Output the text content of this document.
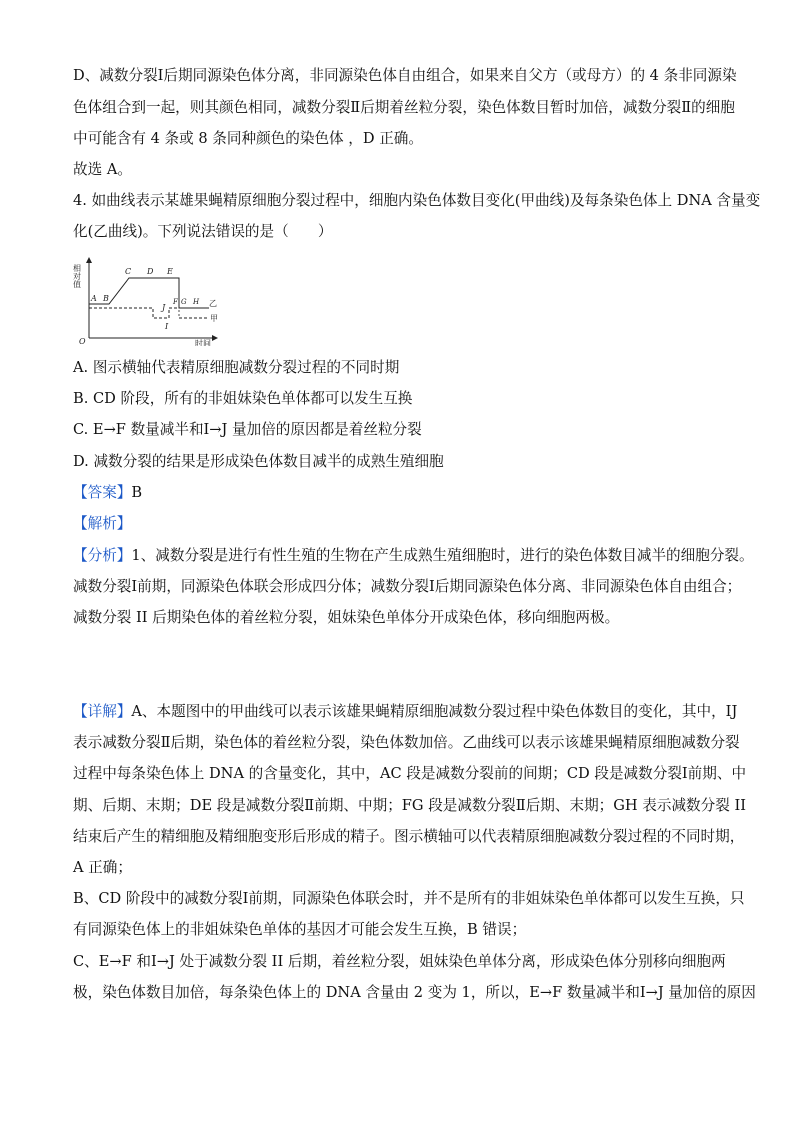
D、减数分裂Ⅰ后期同源染色体分离，非同源染色体自由组合，如果来自父方（或母方）的 4 条非同源染
色体组合到一起，则其颜色相同，减数分裂Ⅱ后期着丝粒分裂，染色体数目暂时加倍，减数分裂Ⅱ的细胞
中可能含有 4 条或 8 条同种颜色的染色体 ，D 正确。
故选 A。
4. 如曲线表示某雄果蝇精原细胞分裂过程中，细胞内染色体数目变化(甲曲线)及每条染色体上 DNA 含量变
化(乙曲线)。下列说法错误的是（　　）
相对值
时间
O
A B
C D E
F G H
J
I
乙
甲
A. 图示横轴代表精原细胞减数分裂过程的不同时期
B. CD 阶段，所有的非姐妹染色单体都可以发生互换
C. E→F 数量减半和Ⅰ→J 量加倍的原因都是着丝粒分裂
D. 减数分裂的结果是形成染色体数目减半的成熟生殖细胞
【答案】B
【解析】
【分析】1、减数分裂是进行有性生殖的生物在产生成熟生殖细胞时，进行的染色体数目减半的细胞分裂。
减数分裂Ⅰ前期，同源染色体联会形成四分体；减数分裂Ⅰ后期同源染色体分离、非同源染色体自由组合；
减数分裂 II 后期染色体的着丝粒分裂，姐妹染色单体分开成染色体，移向细胞两极。
【详解】A、本题图中的甲曲线可以表示该雄果蝇精原细胞减数分裂过程中染色体数目的变化，其中，IJ
表示减数分裂Ⅱ后期，染色体的着丝粒分裂，染色体数加倍。乙曲线可以表示该雄果蝇精原细胞减数分裂
过程中每条染色体上 DNA 的含量变化，其中，AC 段是减数分裂前的间期；CD 段是减数分裂Ⅰ前期、中
期、后期、末期；DE 段是减数分裂Ⅱ前期、中期；FG 段是减数分裂Ⅱ后期、末期；GH 表示减数分裂 II
结束后产生的精细胞及精细胞变形后形成的精子。图示横轴可以代表精原细胞减数分裂过程的不同时期，
A 正确；
B、CD 阶段中的减数分裂Ⅰ前期，同源染色体联会时，并不是所有的非姐妹染色单体都可以发生互换，只
有同源染色体上的非姐妹染色单体的基因才可能会发生互换，B 错误；
C、E→F 和Ⅰ→J 处于减数分裂 II 后期，着丝粒分裂，姐妹染色单体分离，形成染色体分别移向细胞两
极，染色体数目加倍，每条染色体上的 DNA 含量由 2 变为 1，所以，E→F 数量减半和Ⅰ→J 量加倍的原因
